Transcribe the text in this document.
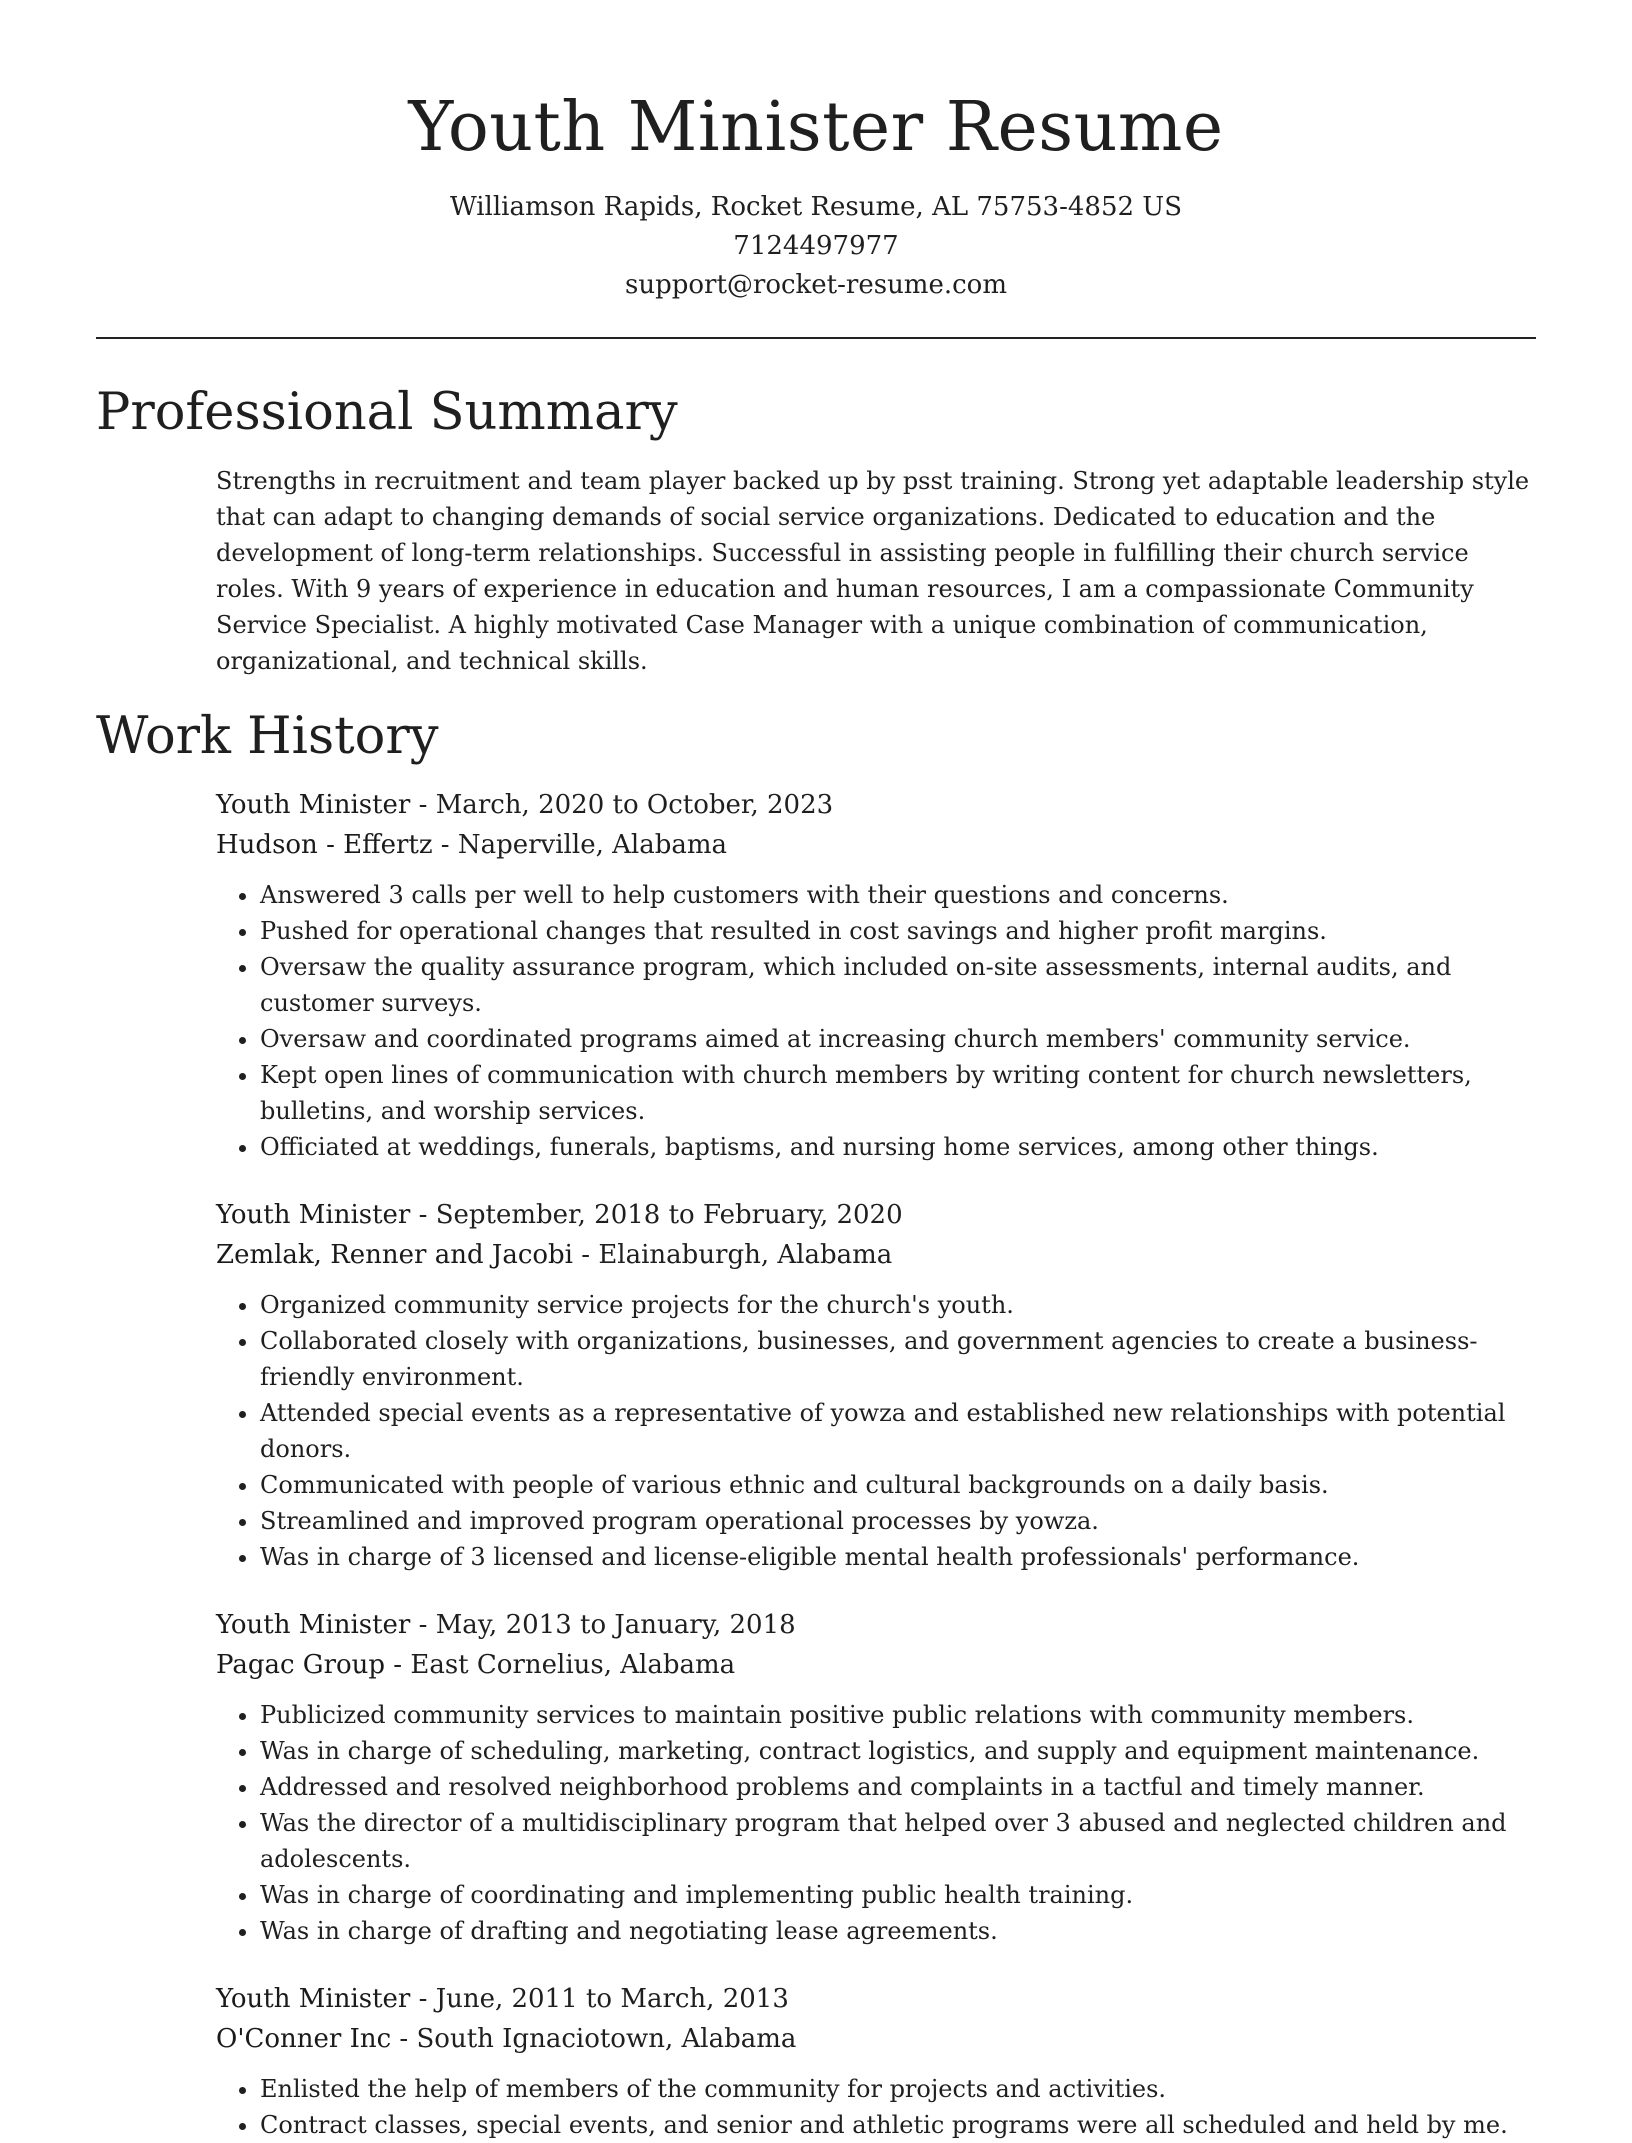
Youth Minister Resume
Williamson Rapids, Rocket Resume, AL 75753-4852 US
7124497977
support@rocket-resume.com
Professional Summary

Strengths in recruitment and team player backed up by psst training. Strong yet adaptable leadership style that can adapt to changing demands of social service organizations. Dedicated to education and the development of long-term relationships. Successful in assisting people in fulfilling their church service roles. With 9 years of experience in education and human resources, I am a compassionate Community Service Specialist. A highly motivated Case Manager with a unique combination of communication, organizational, and technical skills.

Work History
Youth Minister - March, 2020 to October, 2023
Hudson - Effertz - Naperville, Alabama
• Answered 3 calls per well to help customers with their questions and concerns.
• Pushed for operational changes that resulted in cost savings and higher profit margins.
• Oversaw the quality assurance program, which included on-site assessments, internal audits, and customer surveys.
• Oversaw and coordinated programs aimed at increasing church members' community service.
• Kept open lines of communication with church members by writing content for church newsletters, bulletins, and worship services.
• Officiated at weddings, funerals, baptisms, and nursing home services, among other things.
Youth Minister - September, 2018 to February, 2020
Zemlak, Renner and Jacobi - Elainaburgh, Alabama
• Organized community service projects for the church's youth.
• Collaborated closely with organizations, businesses, and government agencies to create a business-friendly environment.
• Attended special events as a representative of yowza and established new relationships with potential donors.
• Communicated with people of various ethnic and cultural backgrounds on a daily basis.
• Streamlined and improved program operational processes by yowza.
• Was in charge of 3 licensed and license-eligible mental health professionals' performance.
Youth Minister - May, 2013 to January, 2018
Pagac Group - East Cornelius, Alabama
• Publicized community services to maintain positive public relations with community members.
• Was in charge of scheduling, marketing, contract logistics, and supply and equipment maintenance.
• Addressed and resolved neighborhood problems and complaints in a tactful and timely manner.
• Was the director of a multidisciplinary program that helped over 3 abused and neglected children and adolescents.
• Was in charge of coordinating and implementing public health training.
• Was in charge of drafting and negotiating lease agreements.
Youth Minister - June, 2011 to March, 2013
O'Conner Inc - South Ignaciotown, Alabama
• Enlisted the help of members of the community for projects and activities.
• Contract classes, special events, and senior and athletic programs were all scheduled and held by me.
